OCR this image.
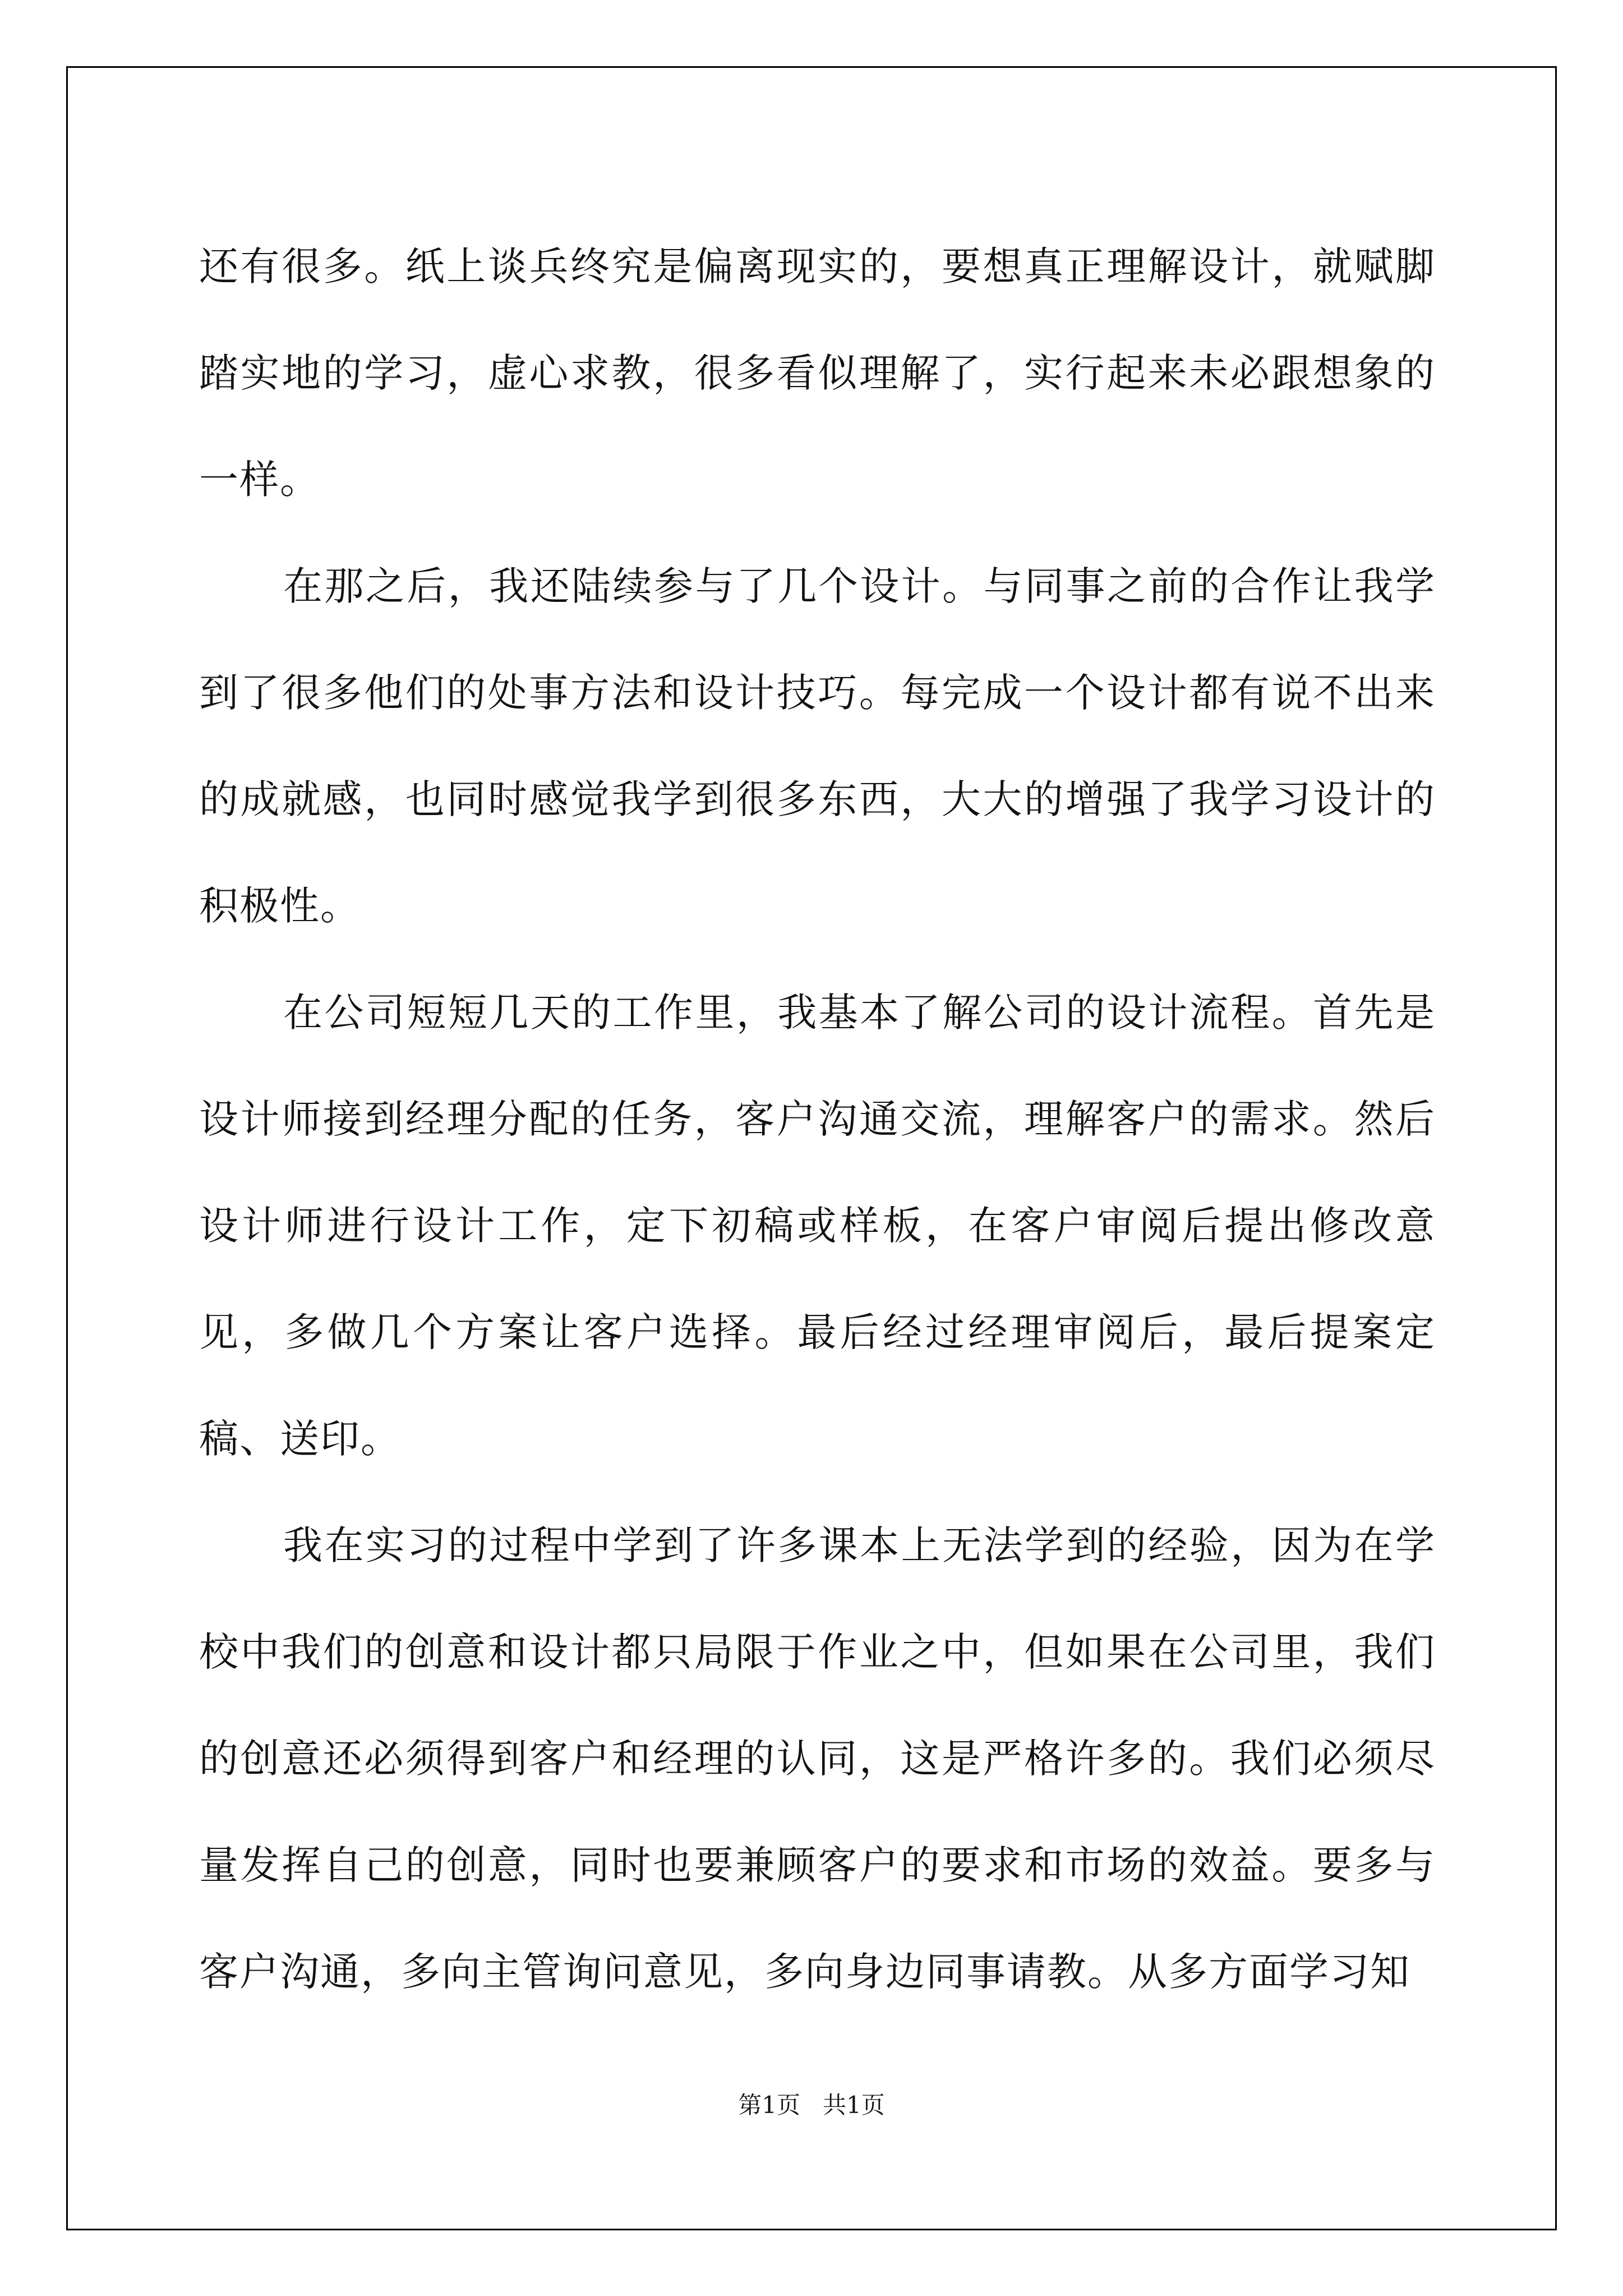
还有很多。纸上谈兵终究是偏离现实的，要想真正理解设计，就赋脚踏实地的学习，虚心求教，很多看似理解了，实行起来未必跟想象的一样。

在那之后，我还陆续参与了几个设计。与同事之前的合作让我学到了很多他们的处事方法和设计技巧。每完成一个设计都有说不出来的成就感，也同时感觉我学到很多东西，大大的增强了我学习设计的积极性。

在公司短短几天的工作里，我基本了解公司的设计流程。首先是设计师接到经理分配的任务，客户沟通交流，理解客户的需求。然后设计师进行设计工作，定下初稿或样板，在客户审阅后提出修改意见，多做几个方案让客户选择。最后经过经理审阅后，最后提案定稿、送印。

我在实习的过程中学到了许多课本上无法学到的经验，因为在学校中我们的创意和设计都只局限于作业之中，但如果在公司里，我们的创意还必须得到客户和经理的认同，这是严格许多的。我们必须尽量发挥自己的创意，同时也要兼顾客户的要求和市场的效益。要多与客户沟通，多向主管询问意见，多向身边同事请教。从多方面学习知

第1页   共1页
